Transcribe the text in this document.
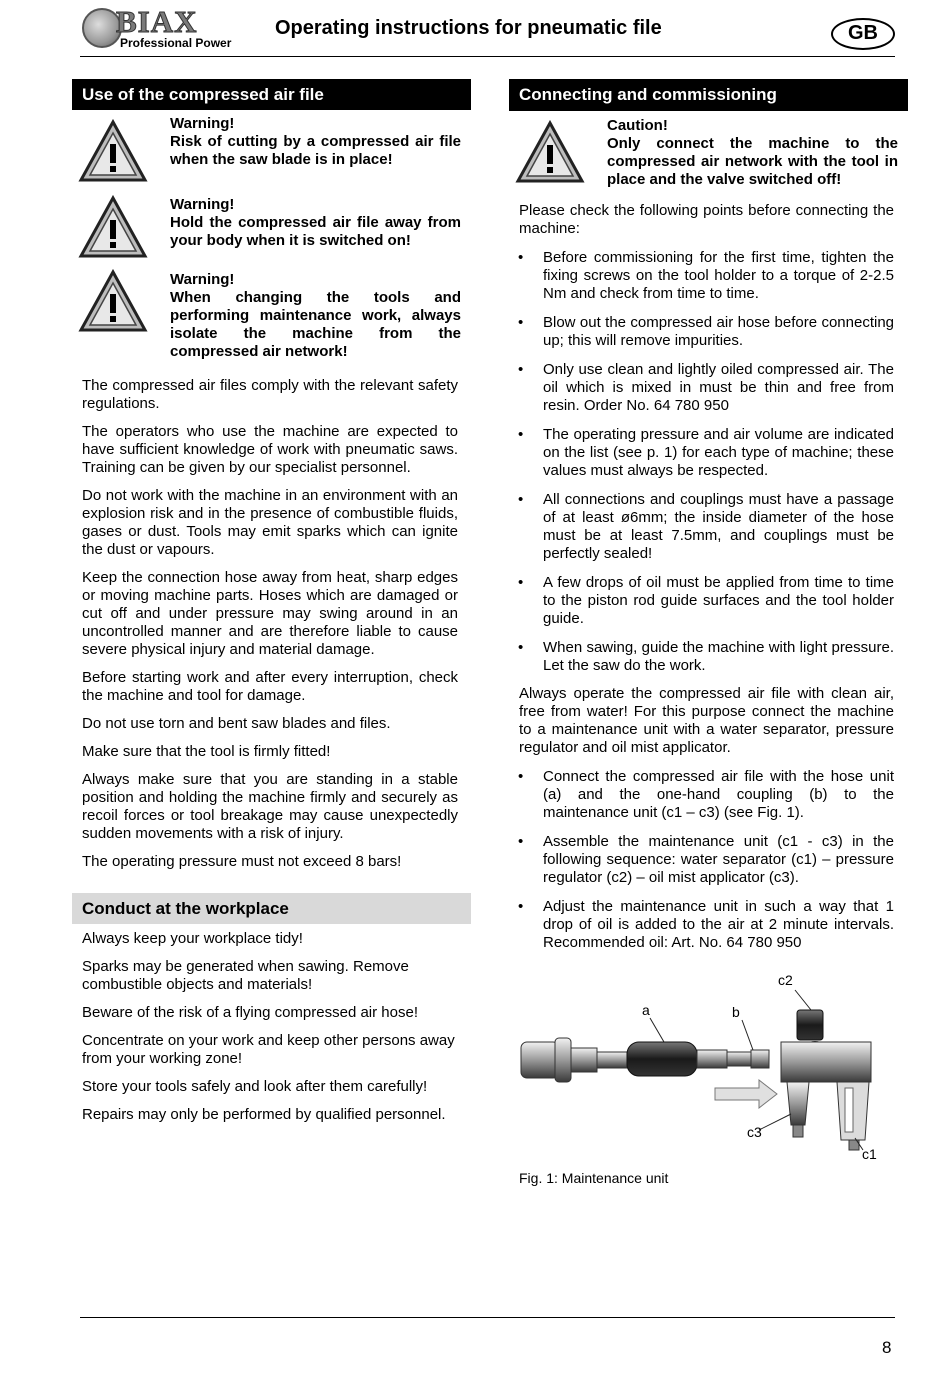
BIAX
Professional Power
Operating instructions for pneumatic file	GB
Use of the compressed air file
Warning!
Risk of cutting by a compressed air file when the saw blade is in place!
Warning!
Hold the compressed air file away from your body when it is switched on!
Warning!
When changing the tools and performing maintenance work, always isolate the machine from the compressed air network!
The compressed air files comply with the relevant safety regulations.
The operators who use the machine are expected to have sufficient knowledge of work with pneumatic saws. Training can be given by our specialist personnel.
Do not work with the machine in an environment with an explosion risk and in the presence of combustible fluids, gases or dust. Tools may emit sparks which can ignite the dust or vapours.
Keep the connection hose away from heat, sharp edges or moving machine parts. Hoses which are damaged or cut off and under pressure may swing around in an uncontrolled manner and are therefore liable to cause severe physical injury and material damage.
Before starting work and after every interruption, check the machine and tool for damage.
Do not use torn and bent saw blades and files.
Make sure that the tool is firmly fitted!
Always make sure that you are standing in a stable position and holding the machine firmly and securely as recoil forces or tool breakage may cause unexpectedly sudden movements with a risk of injury.
The operating pressure must not exceed 8 bars!
Conduct at the workplace
Always keep your workplace tidy!
Sparks may be generated when sawing. Remove combustible objects and materials!
Beware of the risk of a flying compressed air hose!
Concentrate on your work and keep other persons away from your working zone!
Store your tools safely and look after them carefully!
Repairs may only be performed by qualified personnel.
Connecting and commissioning
Caution!
Only connect the machine to the compressed air network with the tool in place and the valve switched off!
Please check the following points before connecting the machine:
• Before commissioning for the first time, tighten the fixing screws on the tool holder to a torque of 2-2.5 Nm and check from time to time.
• Blow out the compressed air hose before connecting up; this will remove impurities.
• Only use clean and lightly oiled compressed air. The oil which is mixed in must be thin and free from resin. Order No. 64 780 950
• The operating pressure and air volume are indicated on the list (see p. 1) for each type of machine; these values must always be respected.
• All connections and couplings must have a passage of at least ø6mm; the inside diameter of the hose must be at least 7.5mm, and couplings must be perfectly sealed!
• A few drops of oil must be applied from time to time to the piston rod guide surfaces and the tool holder guide.
• When sawing, guide the machine with light pressure. Let the saw do the work.
Always operate the compressed air file with clean air, free from water! For this purpose connect the machine to a maintenance unit with a water separator, pressure regulator and oil mist applicator.
• Connect the compressed air file with the hose unit (a) and the one-hand coupling (b) to the maintenance unit (c1 – c3) (see Fig. 1).
• Assemble the maintenance unit (c1 - c3) in the following sequence: water separator (c1) – pressure regulator (c2) – oil mist applicator (c3).
• Adjust the maintenance unit in such a way that 1 drop of oil is added to the air at 2 minute intervals. Recommended oil: Art. No. 64 780 950
a	b
c2
c3
c1
Fig. 1: Maintenance unit
8
